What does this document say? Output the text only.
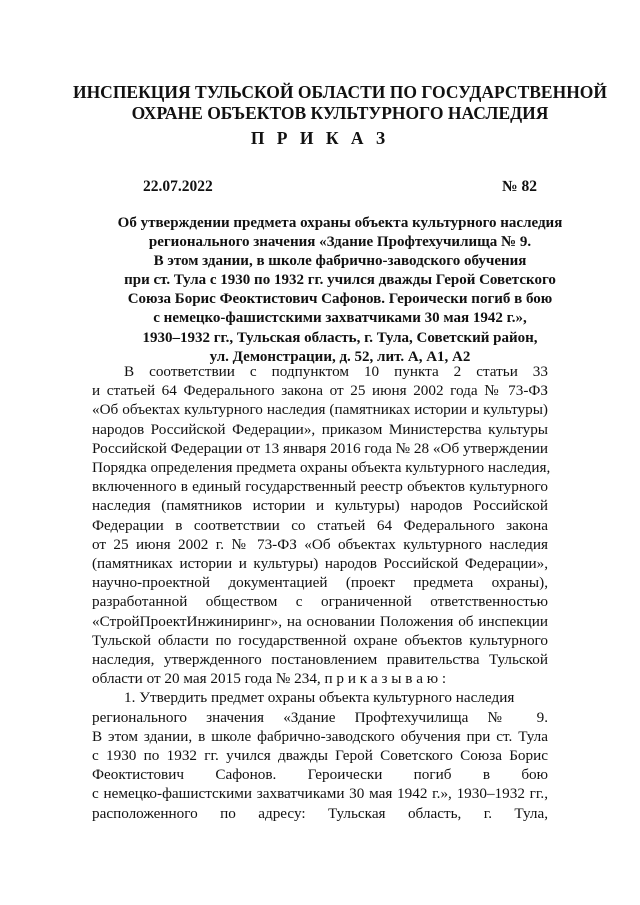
ИНСПЕКЦИЯ ТУЛЬСКОЙ ОБЛАСТИ ПО ГОСУДАРСТВЕННОЙ
ОХРАНЕ ОБЪЕКТОВ КУЛЬТУРНОГО НАСЛЕДИЯ
П Р И К А З
22.07.2022	№ 82
Об утверждении предмета охраны объекта культурного наследия
регионального значения «Здание Профтехучилища № 9.
В этом здании, в школе фабрично-заводского обучения
при ст. Тула с 1930 по 1932 гг. учился дважды Герой Советского
Союза Борис Феоктистович Сафонов. Героически погиб в бою
с немецко-фашистскими захватчиками 30 мая 1942 г.»,
1930–1932 гг., Тульская область, г. Тула, Советский район,
ул. Демонстрации, д. 52, лит. А, А1, А2
В соответствии с подпунктом 10 пункта 2 статьи 33
и статьей 64 Федерального закона от 25 июня 2002 года № 73-ФЗ
«Об объектах культурного наследия (памятниках истории и культуры)
народов Российской Федерации», приказом Министерства культуры
Российской Федерации от 13 января 2016 года № 28 «Об утверждении
Порядка определения предмета охраны объекта культурного наследия,
включенного в единый государственный реестр объектов культурного
наследия (памятников истории и культуры) народов Российской
Федерации в соответствии со статьей 64 Федерального закона
от 25 июня 2002 г. № 73-ФЗ «Об объектах культурного наследия
(памятниках истории и культуры) народов Российской Федерации»,
научно-проектной документацией (проект предмета охраны),
разработанной обществом с ограниченной ответственностью
«СтройПроектИнжиниринг», на основании Положения об инспекции
Тульской области по государственной охране объектов культурного
наследия, утвержденного постановлением правительства Тульской
области от 20 мая 2015 года № 234, п р и к а з ы в а ю :
1. Утвердить предмет охраны объекта культурного наследия
регионального значения «Здание Профтехучилища № 9.
В этом здании, в школе фабрично-заводского обучения при ст. Тула
с 1930 по 1932 гг. учился дважды Герой Советского Союза Борис
Феоктистович Сафонов. Героически погиб в бою
с немецко-фашистскими захватчиками 30 мая 1942 г.», 1930–1932 гг.,
расположенного по адресу: Тульская область, г. Тула,
